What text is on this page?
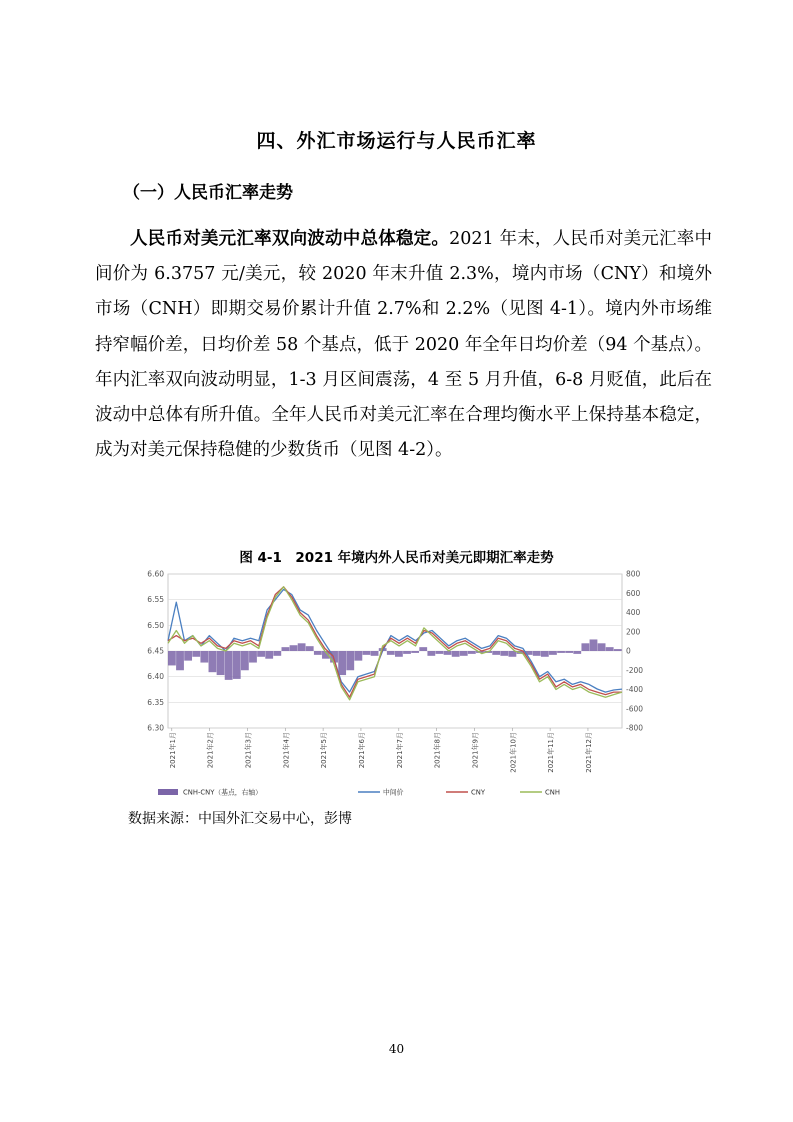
四、外汇市场运行与人民币汇率
（一）人民币汇率走势
人民币对美元汇率双向波动中总体稳定。2021 年末，人民币对美元汇率中间价为 6.3757 元/美元，较 2020 年末升值 2.3%，境内市场（CNY）和境外市场（CNH）即期交易价累计升值 2.7%和 2.2%（见图 4-1）。境内外市场维持窄幅价差，日均价差 58 个基点，低于 2020 年全年日均价差（94 个基点）。年内汇率双向波动明显，1-3 月区间震荡，4 至 5 月升值，6-8 月贬值，此后在波动中总体有所升值。全年人民币对美元汇率在合理均衡水平上保持基本稳定，成为对美元保持稳健的少数货币（见图 4-2）。
图 4-1　2021 年境内外人民币对美元即期汇率走势
6.60
6.55
6.50
6.45
6.40
6.35
6.30
800
600
400
200
0
-200
-400
-600
-800
2021年1月	2021年2月	2021年3月	2021年4月	2021年5月	2021年6月	2021年7月	2021年8月	2021年9月	2021年10月	2021年11月	2021年12月
CNH-CNY（基点，右轴）	中间价	CNY	CNH
数据来源：中国外汇交易中心，彭博
40
